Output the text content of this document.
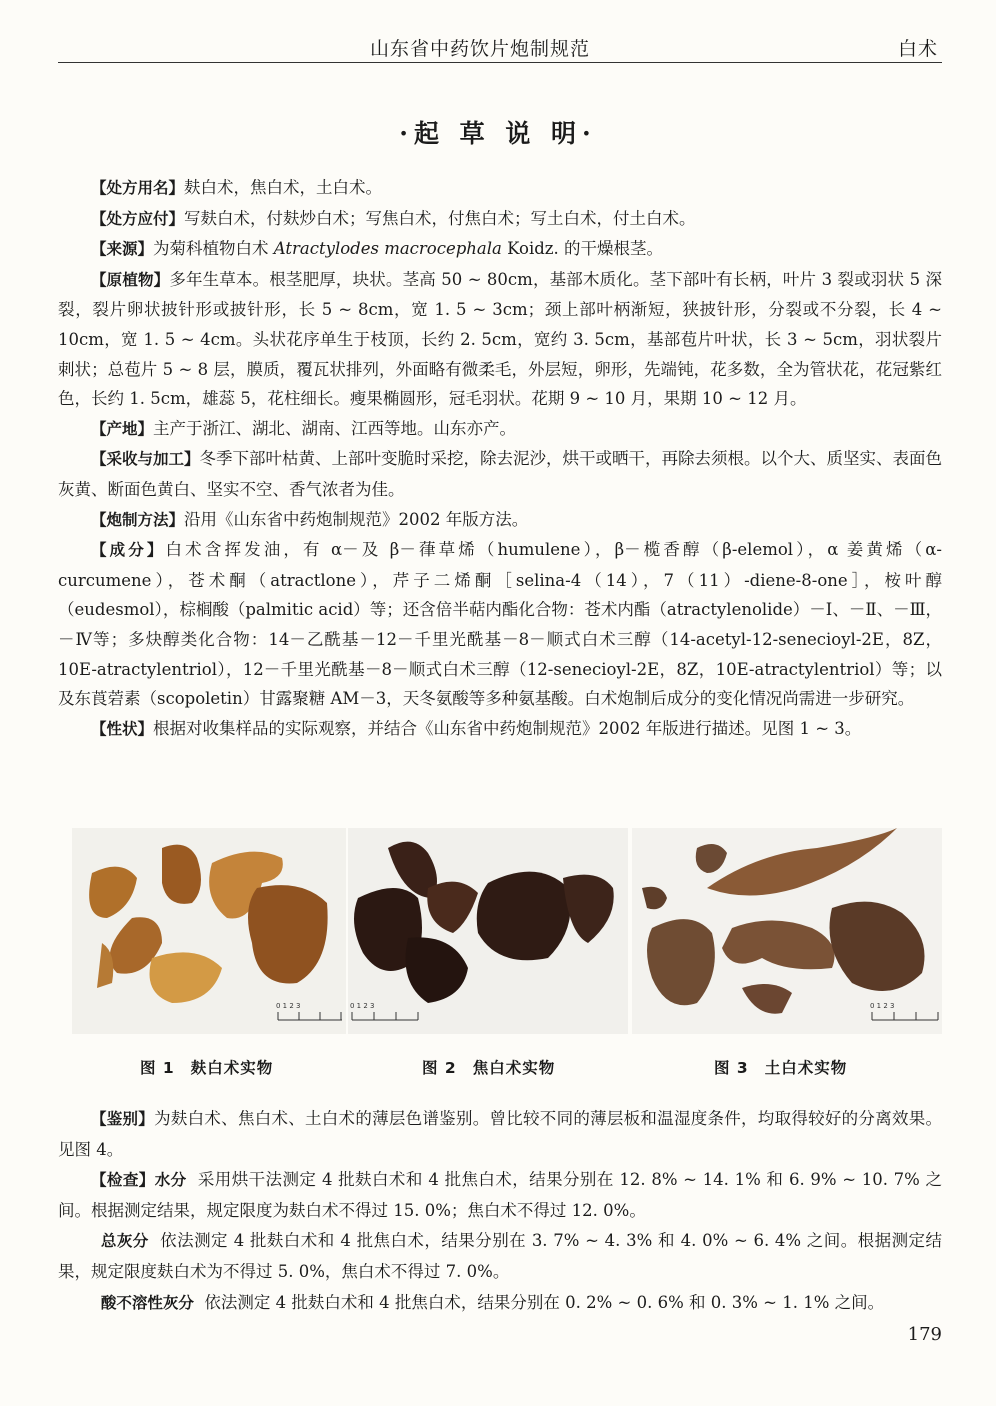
山东省中药饮片炮制规范	白术
·起 草 说 明·

【处方用名】麸白术，焦白术，土白术。

【处方应付】写麸白术，付麸炒白术；写焦白术，付焦白术；写土白术，付土白术。

【来源】为菊科植物白术 Atractylodes macrocephala Koidz. 的干燥根茎。

【原植物】多年生草本。根茎肥厚，块状。茎高 50 ~ 80cm，基部木质化。茎下部叶有长柄，叶片 3 裂或羽状 5 深裂，裂片卵状披针形或披针形，长 5 ~ 8cm，宽 1. 5 ~ 3cm；颈上部叶柄渐短，狭披针形，分裂或不分裂，长 4 ~ 10cm，宽 1. 5 ~ 4cm。头状花序单生于枝顶，长约 2. 5cm，宽约 3. 5cm，基部苞片叶状，长 3 ~ 5cm，羽状裂片刺状；总苞片 5 ~ 8 层，膜质，覆瓦状排列，外面略有微柔毛，外层短，卵形，先端钝，花多数，全为管状花，花冠紫红色，长约 1. 5cm，雄蕊 5，花柱细长。瘦果椭圆形，冠毛羽状。花期 9 ~ 10 月，果期 10 ~ 12 月。

【产地】主产于浙江、湖北、湖南、江西等地。山东亦产。

【采收与加工】冬季下部叶枯黄、上部叶变脆时采挖，除去泥沙，烘干或晒干，再除去须根。以个大、质坚实、表面色灰黄、断面色黄白、坚实不空、香气浓者为佳。

【炮制方法】沿用《山东省中药炮制规范》2002 年版方法。

【成分】白术含挥发油，有 α－及 β－葎草烯（humulene），β－榄香醇（β-elemol），α 姜黄烯（α-curcumene），苍术酮（atractlone），芹子二烯酮［selina-4（14），7（11）-diene-8-one］，桉叶醇（eudesmol），棕榈酸（palmitic acid）等；还含倍半萜内酯化合物：苍术内酯（atractylenolide）－Ⅰ、－Ⅱ、－Ⅲ，－Ⅳ等；多炔醇类化合物：14－乙酰基－12－千里光酰基－8－顺式白术三醇（14-acetyl-12-senecioyl-2E，8Z，10E-atractylentriol），12－千里光酰基－8－顺式白术三醇（12-senecioyl-2E，8Z，10E-atractylentriol）等；以及东莨菪素（scopoletin）甘露聚糖 AM－3，天冬氨酸等多种氨基酸。白术炮制后成分的变化情况尚需进一步研究。

【性状】根据对收集样品的实际观察，并结合《山东省中药炮制规范》2002 年版进行描述。见图 1 ~ 3。

0 1 2 3	0 1 2 3	0 1 2 3
图 1 麸白术实物	图 2 焦白术实物	图 3 土白术实物

【鉴别】为麸白术、焦白术、土白术的薄层色谱鉴别。曾比较不同的薄层板和温湿度条件，均取得较好的分离效果。见图 4。

【检查】水分 采用烘干法测定 4 批麸白术和 4 批焦白术，结果分别在 12. 8% ~ 14. 1% 和 6. 9% ~ 10. 7% 之间。根据测定结果，规定限度为麸白术不得过 15. 0%；焦白术不得过 12. 0%。

总灰分 依法测定 4 批麸白术和 4 批焦白术，结果分别在 3. 7% ~ 4. 3% 和 4. 0% ~ 6. 4% 之间。根据测定结果，规定限度麸白术为不得过 5. 0%，焦白术不得过 7. 0%。

酸不溶性灰分 依法测定 4 批麸白术和 4 批焦白术，结果分别在 0. 2% ~ 0. 6% 和 0. 3% ~ 1. 1% 之间。

179
